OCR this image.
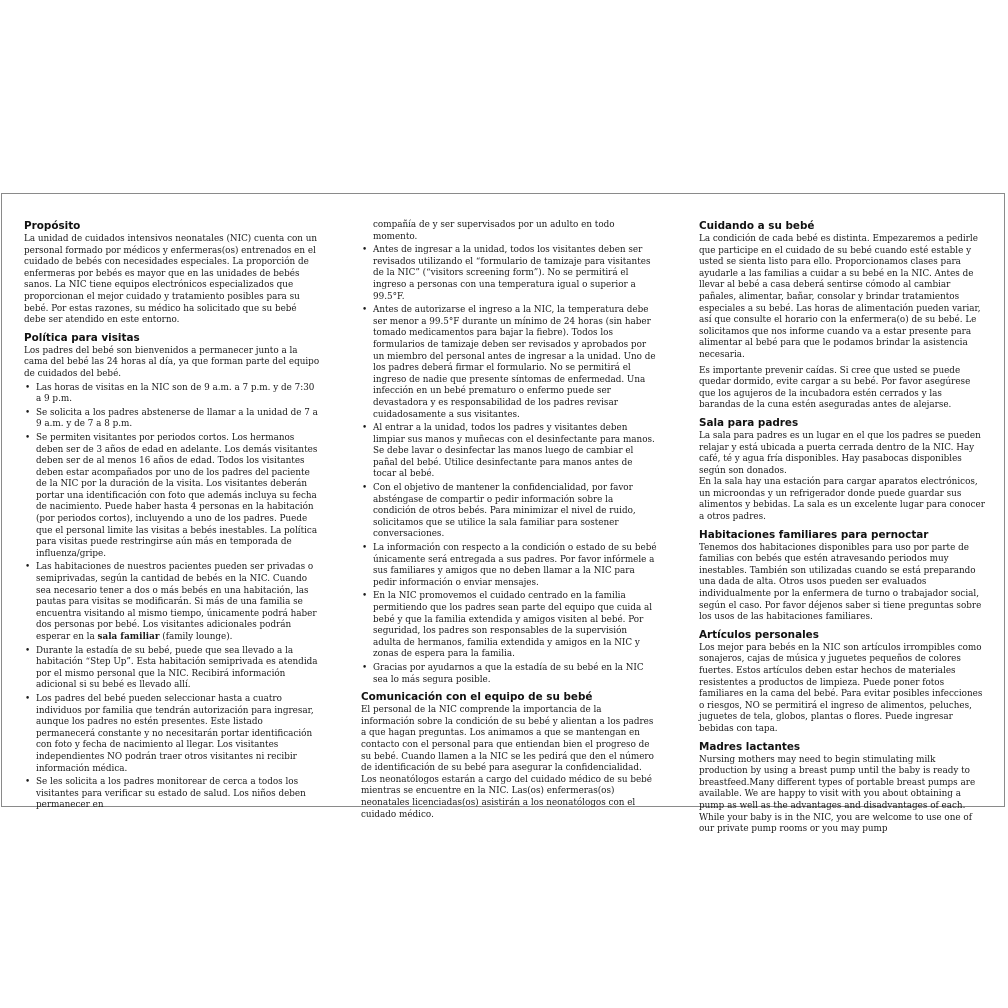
Propósito

La unidad de cuidados intensivos neonatales (NIC) cuenta con un personal formado por médicos y enfermeras(os) entrenados en el cuidado de bebés con necesidades especiales. La proporción de enfermeras por bebés es mayor que en las unidades de bebés sanos. La NIC tiene equipos electrónicos especializados que proporcionan el mejor cuidado y tratamiento posibles para su bebé. Por estas razones, su médico ha solicitado que su bebé debe ser atendido en este entorno.

Política para visitas

Los padres del bebé son bienvenidos a permanecer junto a la cama del bebé las 24 horas al día, ya que forman parte del equipo de cuidados del bebé.

• Las horas de visitas en la NIC son de 9 a.m. a 7 p.m. y de 7:30 a 9 p.m.
• Se solicita a los padres abstenerse de llamar a la unidad de 7 a 9 a.m. y de 7 a 8 p.m.
• Se permiten visitantes por periodos cortos. Los hermanos deben ser de 3 años de edad en adelante. Los demás visitantes deben ser de al menos 16 años de edad. Todos los visitantes deben estar acompañados por uno de los padres del paciente de la NIC por la duración de la visita. Los visitantes deberán portar una identificación con foto que además incluya su fecha de nacimiento. Puede haber hasta 4 personas en la habitación (por periodos cortos), incluyendo a uno de los padres. Puede que el personal limite las visitas a bebés inestables. La política para visitas puede restringirse aún más en temporada de influenza/gripe.
• Las habitaciones de nuestros pacientes pueden ser privadas o semiprivadas, según la cantidad de bebés en la NIC. Cuando sea necesario tener a dos o más bebés en una habitación, las pautas para visitas se modificarán. Si más de una familia se encuentra visitando al mismo tiempo, únicamente podrá haber dos personas por bebé. Los visitantes adicionales podrán esperar en la sala familiar (family lounge).
• Durante la estadía de su bebé, puede que sea llevado a la habitación “Step Up”. Esta habitación semiprivada es atendida por el mismo personal que la NIC. Recibirá información adicional si su bebé es llevado allí.
• Los padres del bebé pueden seleccionar hasta a cuatro individuos por familia que tendrán autorización para ingresar, aunque los padres no estén presentes. Este listado permanecerá constante y no necesitarán portar identificación con foto y fecha de nacimiento al llegar. Los visitantes independientes NO podrán traer otros visitantes ni recibir información médica.
• Se les solicita a los padres monitorear de cerca a todos los visitantes para verificar su estado de salud. Los niños deben permanecer en
compañía de y ser supervisados por un adulto en todo momento.
• Antes de ingresar a la unidad, todos los visitantes deben ser revisados utilizando el “formulario de tamizaje para visitantes de la NIC” (“visitors screening form”). No se permitirá el ingreso a personas con una temperatura igual o superior a 99.5°F.
• Antes de autorizarse el ingreso a la NIC, la temperatura debe ser menor a 99.5°F durante un mínimo de 24 horas (sin haber tomado medicamentos para bajar la fiebre). Todos los formularios de tamizaje deben ser revisados y aprobados por un miembro del personal antes de ingresar a la unidad. Uno de los padres deberá firmar el formulario. No se permitirá el ingreso de nadie que presente síntomas de enfermedad. Una infección en un bebé prematuro o enfermo puede ser devastadora y es responsabilidad de los padres revisar cuidadosamente a sus visitantes.
• Al entrar a la unidad, todos los padres y visitantes deben limpiar sus manos y muñecas con el desinfectante para manos. Se debe lavar o desinfectar las manos luego de cambiar el pañal del bebé. Utilice desinfectante para manos antes de tocar al bebé.
• Con el objetivo de mantener la confidencialidad, por favor absténgase de compartir o pedir información sobre la condición de otros bebés. Para minimizar el nivel de ruido, solicitamos que se utilice la sala familiar para sostener conversaciones.
• La información con respecto a la condición o estado de su bebé únicamente será entregada a sus padres. Por favor infórmele a sus familiares y amigos que no deben llamar a la NIC para pedir información o enviar mensajes.
• En la NIC promovemos el cuidado centrado en la familia permitiendo que los padres sean parte del equipo que cuida al bebé y que la familia extendida y amigos visiten al bebé. Por seguridad, los padres son responsables de la supervisión adulta de hermanos, familia extendida y amigos en la NIC y zonas de espera para la familia.
• Gracias por ayudarnos a que la estadía de su bebé en la NIC sea lo más segura posible.
Comunicación con el equipo de su bebé

El personal de la NIC comprende la importancia de la información sobre la condición de su bebé y alientan a los padres a que hagan preguntas. Los animamos a que se mantengan en contacto con el personal para que entiendan bien el progreso de su bebé. Cuando llamen a la NIC se les pedirá que den el número de identificación de su bebé para asegurar la confidencialidad. Los neonatólogos estarán a cargo del cuidado médico de su bebé mientras se encuentre en la NIC. Las(os) enfermeras(os) neonatales licenciadas(os) asistirán a los neonatólogos con el cuidado médico.

Cuidando a su bebé

La condición de cada bebé es distinta. Empezaremos a pedirle que participe en el cuidado de su bebé cuando esté estable y usted se sienta listo para ello. Proporcionamos clases para ayudarle a las familias a cuidar a su bebé en la NIC. Antes de llevar al bebé a casa deberá sentirse cómodo al cambiar pañales, alimentar, bañar, consolar y brindar tratamientos especiales a su bebé. Las horas de alimentación pueden variar, así que consulte el horario con la enfermera(o) de su bebé. Le solicitamos que nos informe cuando va a estar presente para alimentar al bebé para que le podamos brindar la asistencia necesaria.

Es importante prevenir caídas. Si cree que usted se puede quedar dormido, evite cargar a su bebé. Por favor asegúrese que los agujeros de la incubadora estén cerrados y las barandas de la cuna estén aseguradas antes de alejarse.

Sala para padres

La sala para padres es un lugar en el que los padres se pueden relajar y está ubicada a puerta cerrada dentro de la NIC. Hay café, té y agua fría disponibles. Hay pasabocas disponibles según son donados.

En la sala hay una estación para cargar aparatos electrónicos, un microondas y un refrigerador donde puede guardar sus alimentos y bebidas. La sala es un excelente lugar para conocer a otros padres.

Habitaciones familiares para pernoctar

Tenemos dos habitaciones disponibles para uso por parte de familias con bebés que estén atravesando periodos muy inestables. También son utilizadas cuando se está preparando una dada de alta. Otros usos pueden ser evaluados individualmente por la enfermera de turno o trabajador social, según el caso. Por favor déjenos saber si tiene preguntas sobre los usos de las habitaciones familiares.

Artículos personales

Los mejor para bebés en la NIC son artículos irrompibles como sonajeros, cajas de música y juguetes pequeños de colores fuertes. Estos artículos deben estar hechos de materiales resistentes a productos de limpieza. Puede poner fotos familiares en la cama del bebé. Para evitar posibles infecciones o riesgos, NO se permitirá el ingreso de alimentos, peluches, juguetes de tela, globos, plantas o flores. Puede ingresar bebidas con tapa.

Madres lactantes

Nursing mothers may need to begin stimulating milk production by using a breast pump until the baby is ready to breastfeed.Many different types of portable breast pumps are available. We are happy to visit with you about obtaining a pump as well as the advantages and disadvantages of each. While your baby is in the NIC, you are welcome to use one of our private pump rooms or you may pump
